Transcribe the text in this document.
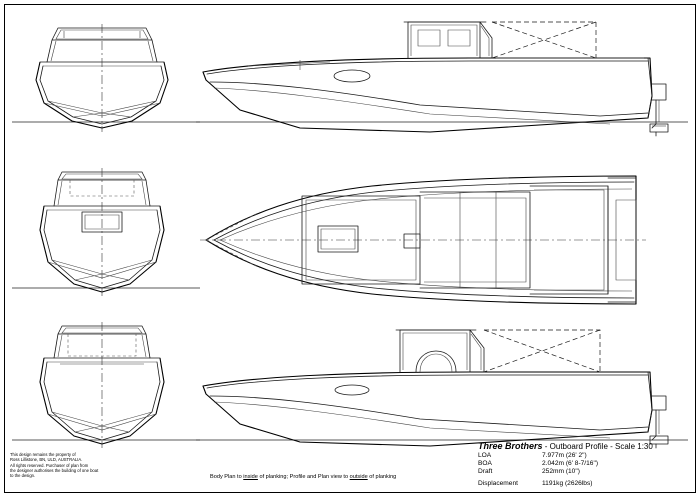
Three Brothers - Outboard Profile - Scale 1:30
LOA	7.977m (26' 2")
BOA	2.042m (6' 8-7/16")
Draft	252mm (10")
Displacement	1191kg (2626lbs)
This design remains the property of
Ross Lillistone, BN, ULD, AUSTRALIA.
All rights reserved. Purchaser of plan from
the designer authorises the building of one boat
to the design.	Body Plan to inside of planking; Profile and Plan view to outside of planking
